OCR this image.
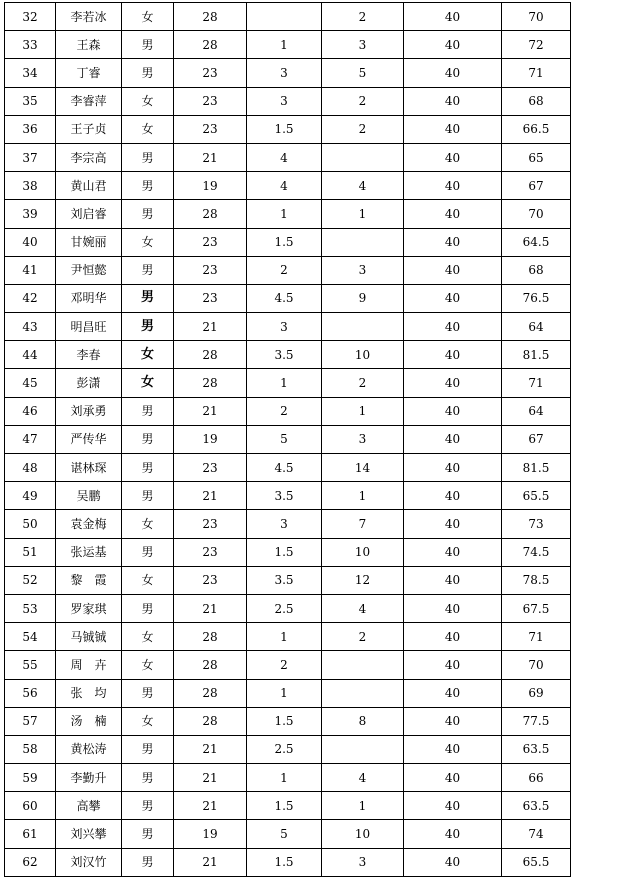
32	李若冰	女	28		2	40	70
33	王森	男	28	1	3	40	72
34	丁睿	男	23	3	5	40	71
35	李睿萍	女	23	3	2	40	68
36	王子贞	女	23	1.5	2	40	66.5
37	李宗高	男	21	4		40	65
38	黄山君	男	19	4	4	40	67
39	刘启睿	男	28	1	1	40	70
40	甘婉丽	女	23	1.5		40	64.5
41	尹恒懿	男	23	2	3	40	68
42	邓明华	男	23	4.5	9	40	76.5
43	明昌旺	男	21	3		40	64
44	李春	女	28	3.5	10	40	81.5
45	彭潇	女	28	1	2	40	71
46	刘承勇	男	21	2	1	40	64
47	严传华	男	19	5	3	40	67
48	谌林琛	男	23	4.5	14	40	81.5
49	吴鹏	男	21	3.5	1	40	65.5
50	袁金梅	女	23	3	7	40	73
51	张运基	男	23	1.5	10	40	74.5
52	黎　霞	女	23	3.5	12	40	78.5
53	罗家琪	男	21	2.5	4	40	67.5
54	马铖铖	女	28	1	2	40	71
55	周　卉	女	28	2		40	70
56	张　均	男	28	1		40	69
57	汤　楠	女	28	1.5	8	40	77.5
58	黄松涛	男	21	2.5		40	63.5
59	李勤升	男	21	1	4	40	66
60	高攀	男	21	1.5	1	40	63.5
61	刘兴攀	男	19	5	10	40	74
62	刘汉竹	男	21	1.5	3	40	65.5
